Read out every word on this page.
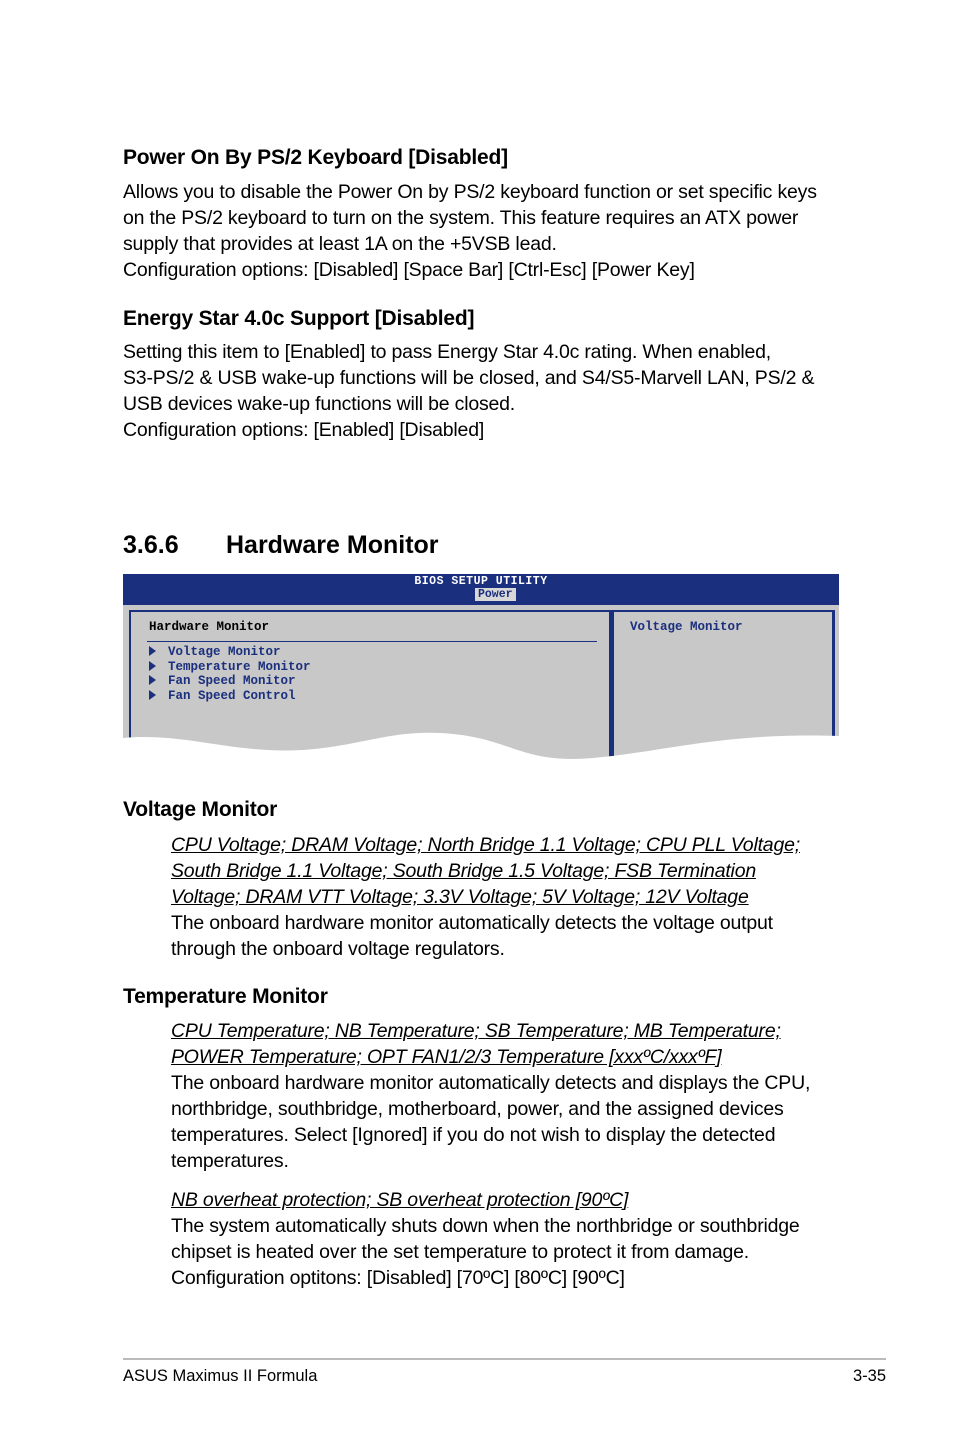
Power On By PS/2 Keyboard [Disabled]
Allows you to disable the Power On by PS/2 keyboard function or set specific keys
on the PS/2 keyboard to turn on the system. This feature requires an ATX power
supply that provides at least 1A on the +5VSB lead.
Configuration options: [Disabled] [Space Bar] [Ctrl-Esc] [Power Key]
Energy Star 4.0c Support [Disabled]
Setting this item to [Enabled] to pass Energy Star 4.0c rating. When enabled,
S3-PS/2 & USB wake-up functions will be closed, and S4/S5-Marvell LAN, PS/2 &
USB devices wake-up functions will be closed.
Configuration options: [Enabled] [Disabled]
3.6.6 Hardware Monitor
BIOS SETUP UTILITY
Power
Hardware Monitor
Voltage Monitor
Temperature Monitor
Fan Speed Monitor
Fan Speed Control
Voltage Monitor
Voltage Monitor
CPU Voltage; DRAM Voltage; North Bridge 1.1 Voltage; CPU PLL Voltage;
South Bridge 1.1 Voltage; South Bridge 1.5 Voltage; FSB Termination
Voltage; DRAM VTT Voltage; 3.3V Voltage; 5V Voltage; 12V Voltage
The onboard hardware monitor automatically detects the voltage output
through the onboard voltage regulators.
Temperature Monitor
CPU Temperature; NB Temperature; SB Temperature; MB Temperature;
POWER Temperature; OPT FAN1/2/3 Temperature [xxxºC/xxxºF]
The onboard hardware monitor automatically detects and displays the CPU,
northbridge, southbridge, motherboard, power, and the assigned devices
temperatures. Select [Ignored] if you do not wish to display the detected
temperatures.
NB overheat protection; SB overheat protection [90ºC]
The system automatically shuts down when the northbridge or southbridge
chipset is heated over the set temperature to protect it from damage.
Configuration optitons: [Disabled] [70ºC] [80ºC] [90ºC]
ASUS Maximus II Formula	3-35
